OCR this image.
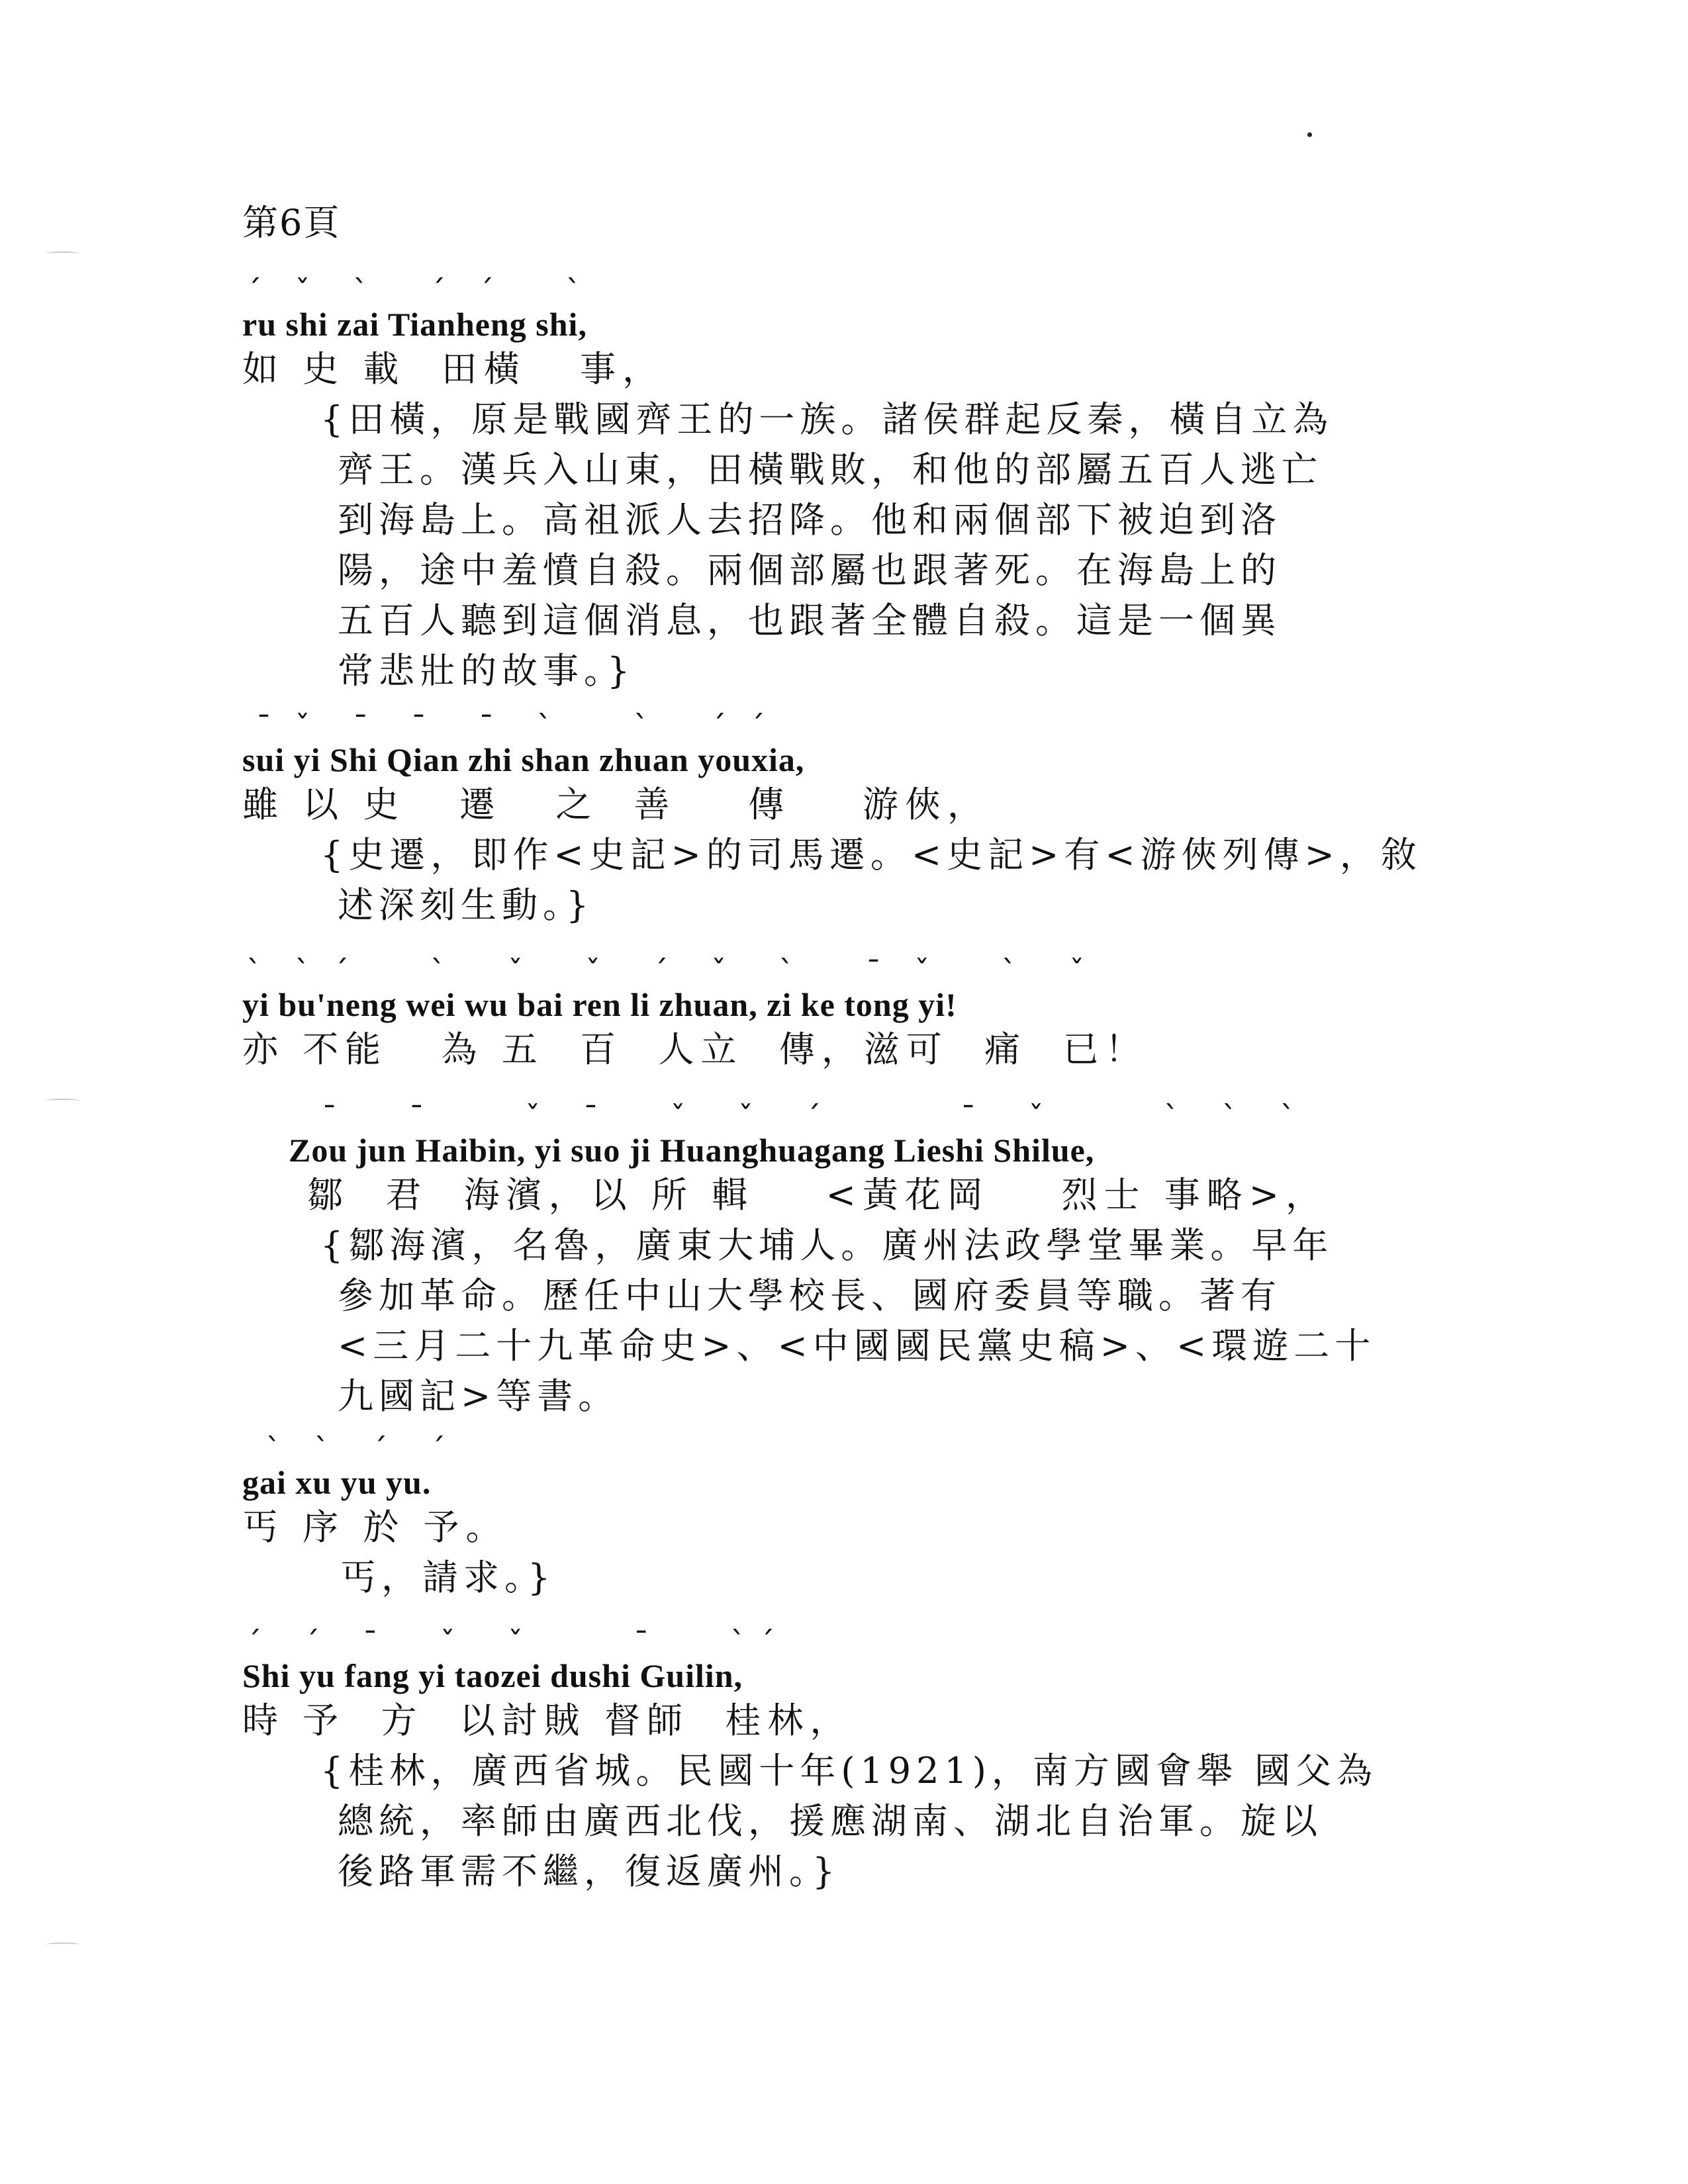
第6頁
́     ̌      ̀        ́     ́         ̀
ru shi zai Tianheng shi,
如 史 載  田橫   事，
{田橫，原是戰國齊王的一族。諸侯群起反秦，橫自立為
齊王。漢兵入山東，田橫戰敗，和他的部屬五百人逃亡
到海島上。高祖派人去招降。他和兩個部下被迫到洛
陽，途中羞憤自殺。兩個部屬也跟著死。在海島上的
五百人聽到這個消息，也跟著全體自殺。這是一個異
常悲壯的故事。}
̄    ̌      ̄      ̄       ̄      ̀          ̀        ́    ́
sui yi Shi Qian zhi shan zhuan youxia,
雖 以 史   遷   之  善    傳    游俠，
{史遷，即作<史記>的司馬遷。<史記>有<游俠列傳>，敘
述深刻生動。}
̀     ̀    ́          ̀        ̌        ̌       ́      ̌       ̀         ̄     ̌         ̀       ̌
yi bu'neng wei wu bai ren li zhuan, zi ke tong yi!
亦 不能   為 五  百  人立  傳，滋可  痛  已！
̄         ̄            ̌      ̄         ̌       ̌       ́                ̄       ̌              ̀      ̀      ̀
Zou jun Haibin, yi suo ji Huanghuagang Lieshi Shilue,
鄒  君  海濱，以 所 輯    <黃花岡    烈士 事略>，
{鄒海濱，名魯，廣東大埔人。廣州法政學堂畢業。早年
參加革命。歷任中山大學校長、國府委員等職。著有
<三月二十九革命史>、<中國國民黨史稿>、<環遊二十
九國記>等書。
̀     ̀      ́      ́
gai xu yu yu.
丐 序 於 予。
丐，請求。}
́      ́      ̄        ̌       ̌             ̄          ̀   ́
Shi yu fang yi taozei dushi Guilin,
時 予  方  以討賊 督師  桂林，
{桂林，廣西省城。民國十年(1921)，南方國會舉 國父為
總統，率師由廣西北伐，援應湖南、湖北自治軍。旋以
後路軍需不繼，復返廣州。}
